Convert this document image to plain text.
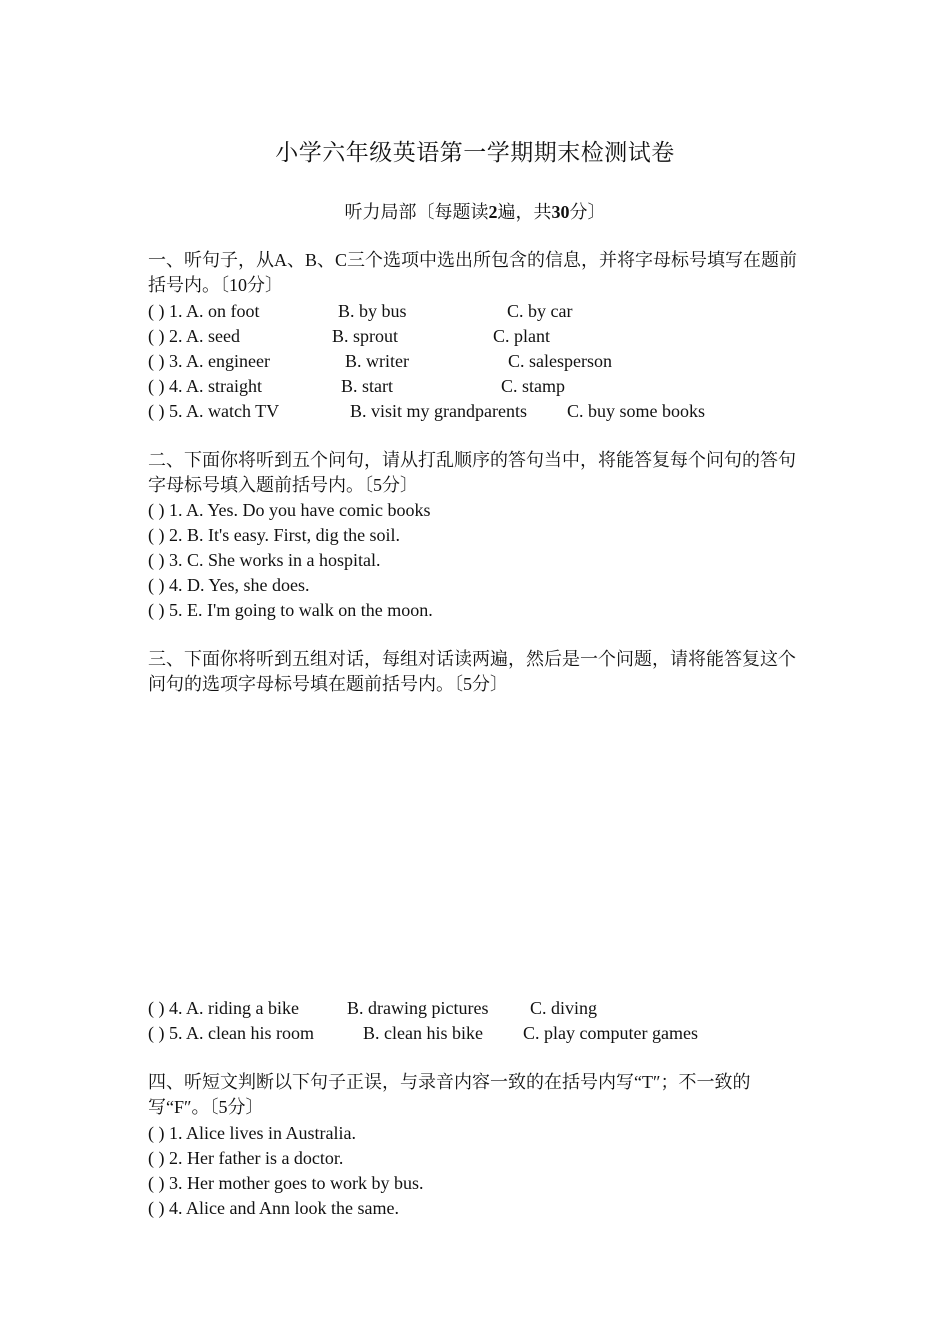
小学六年级英语第一学期期末检测试卷
听力局部〔每题读2遍，共30分〕
一、听句子，从A、B、C三个选项中选出所包含的信息，并将字母标号填写在题前括号内。〔10分〕
( ) 1. A. on foot	B. by bus	C. by car
( ) 2. A. seed	B. sprout	C. plant
( ) 3. A. engineer	B. writer	C. salesperson
( ) 4. A. straight	B. start	C. stamp
( ) 5. A. watch TV	B. visit my grandparents C. buy some books
二、下面你将听到五个问句，请从打乱顺序的答句当中，将能答复每个问句的答句字母标号填入题前括号内。〔5分〕
( ) 1. A. Yes. Do you have comic books
( ) 2. B. It's easy. First, dig the soil.
( ) 3. C. She works in a hospital.
( ) 4. D. Yes, she does.
( ) 5. E. I'm going to walk on the moon.
三、下面你将听到五组对话，每组对话读两遍，然后是一个问题，请将能答复这个问句的选项字母标号填在题前括号内。〔5分〕
( ) 4. A. riding a bike	B. drawing pictures C. diving
( ) 5. A. clean his room	B. clean his bike C. play computer games
四、听短文判断以下句子正误，与录音内容一致的在括号内写“T″；不一致的写“F″。〔5分〕
( ) 1. Alice lives in Australia.
( ) 2. Her father is a doctor.
( ) 3. Her mother goes to work by bus.
( ) 4. Alice and Ann look the same.
